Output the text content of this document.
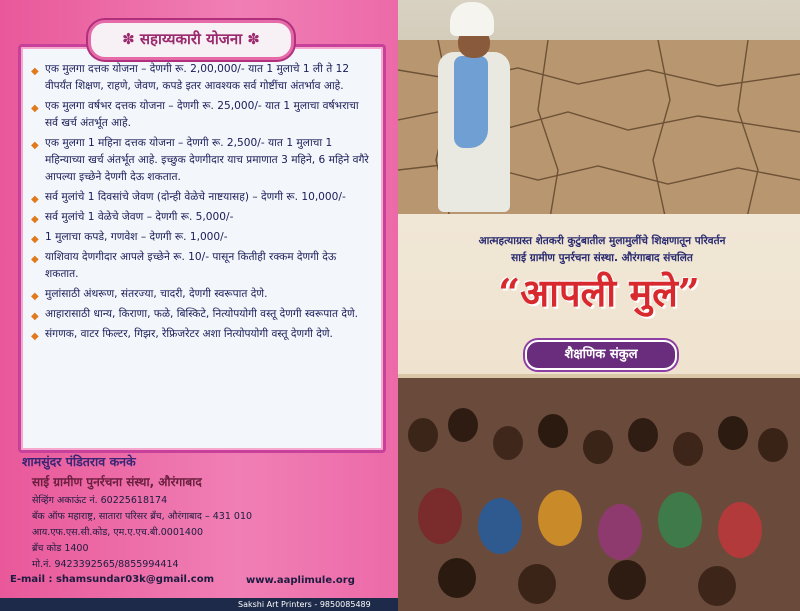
✽ सहाय्यकारी योजना ✽
◆ एक मुलगा दत्तक योजना – देणगी रू. 2,00,000/- यात 1 मुलाचे 1 ली ते 12 वीपर्यंत शिक्षण, राहणे, जेवण, कपडे इतर आवश्यक सर्व गोष्टींचा अंतर्भाव आहे.
◆ एक मुलगा वर्षभर दत्तक योजना – देणगी रू. 25,000/- यात 1 मुलाचा वर्षभराचा सर्व खर्च अंतर्भूत आहे.
◆ एक मुलगा 1 महिना दत्तक योजना – देणगी रू. 2,500/- यात 1 मुलाचा 1 महिन्याच्या खर्च अंतर्भूत आहे. इच्छुक देणगीदार याच प्रमाणात 3 महिने, 6 महिने वगैरे आपल्या इच्छेने देणगी देऊ शकतात.
◆ सर्व मुलांचे 1 दिवसांचे जेवण (दोन्ही वेळेचे नाष्टयासह) – देणगी रू. 10,000/-
◆ सर्व मुलांचे 1 वेळेचे जेवण – देणगी रू. 5,000/-
◆ 1 मुलाचा कपडे, गणवेश – देणगी रू. 1,000/-
◆ याशिवाय देणगीदार आपले इच्छेने रू. 10/- पासून कितीही रक्कम देणगी देऊ शकतात.
◆ मुलांसाठी अंथरूण, संतरज्या, चादरी, देणगी स्वरूपात देणे.
◆ आहारासाठी धान्य, किराणा, फळे, बिस्किटे, नित्योपयोगी वस्तू देणगी स्वरूपात देणे.
◆ संगणक, वाटर फिल्टर, गिझर, रेफ्रिजरेटर अशा नित्योपयोगी वस्तू देणगी देणे.
शामसुंदर पंडितराव कनके
साई ग्रामीण पुनर्रचना संस्था, औरंगाबाद
सेव्हिंग अकाऊंट नं. 60225618174
बँक ऑफ महाराष्ट्र, सातारा परिसर ब्रँच, औरंगाबाद – 431 010
आय.एफ.एस.सी.कोड, एम.ए.एच.बी.0001400
ब्रँच कोड 1400
मो.नं. 9423392565/8855994414
E-mail : shamsundar03k@gmail.com	www.aaplimule.org
Sakshi Art Printers - 9850085489
आत्महत्याग्रस्त शेतकरी कुटुंबातील मुलामुलींचे शिक्षणातून परिवर्तन
साई ग्रामीण पुनर्रचना संस्था. औरंगाबाद संचलित
“आपली मुले”
शैक्षणिक संकुल
